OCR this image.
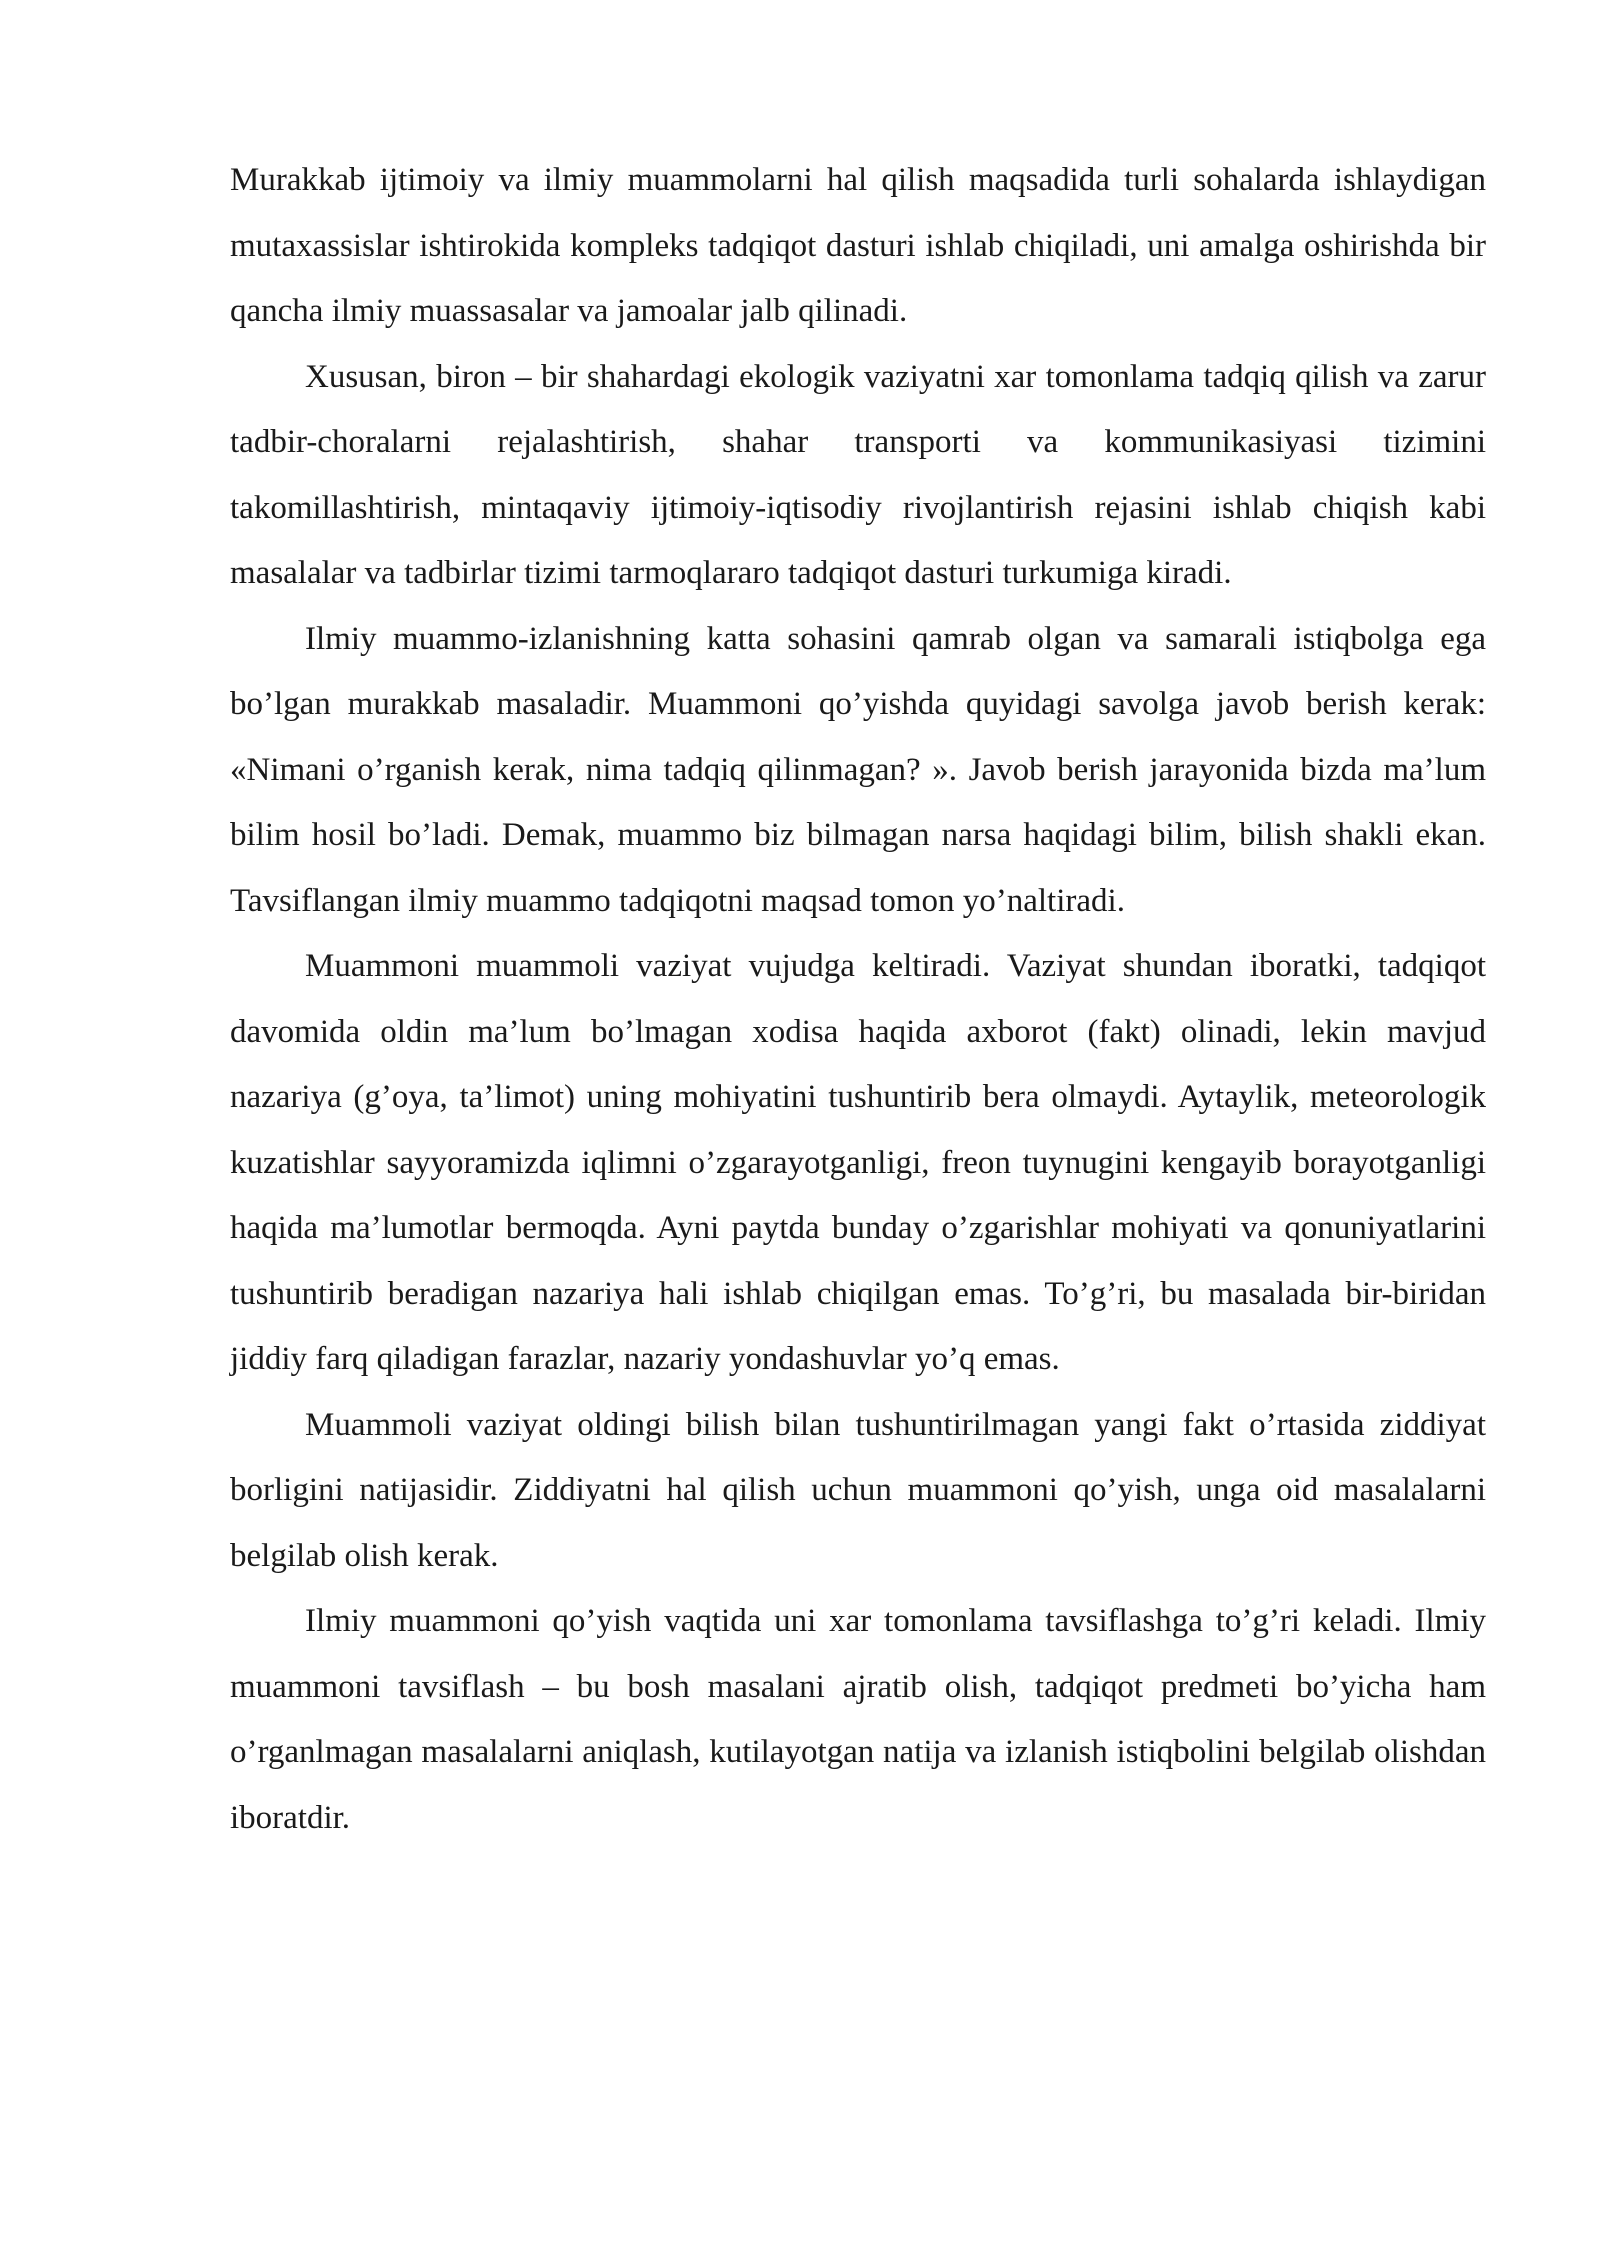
Murakkab ijtimoiy va ilmiy muammolarni hal qilish maqsadida turli sohalarda ishlaydigan mutaxassislar ishtirokida kompleks tadqiqot dasturi ishlab chiqiladi, uni amalga oshirishda bir qancha ilmiy muassasalar va jamoalar jalb qilinadi.

Xususan, biron – bir shahardagi ekologik vaziyatni xar tomonlama tadqiq qilish va zarur tadbir-choralarni rejalashtirish, shahar transporti va kommunikasiyasi tizimini takomillashtirish, mintaqaviy ijtimoiy-iqtisodiy rivojlantirish rejasini ishlab chiqish kabi masalalar va tadbirlar tizimi tarmoqlararo tadqiqot dasturi turkumiga kiradi.

Ilmiy muammo-izlanishning katta sohasini qamrab olgan va samarali istiqbolga ega bo’lgan murakkab masaladir. Muammoni qo’yishda quyidagi savolga javob berish kerak: «Nimani o’rganish kerak, nima tadqiq qilinmagan? ». Javob berish jarayonida bizda ma’lum bilim hosil bo’ladi. Demak, muammo biz bilmagan narsa haqidagi bilim, bilish shakli ekan. Tavsiflangan ilmiy muammo tadqiqotni maqsad tomon yo’naltiradi.

Muammoni muammoli vaziyat vujudga keltiradi. Vaziyat shundan iboratki, tadqiqot davomida oldin ma’lum bo’lmagan xodisa haqida axborot (fakt) olinadi, lekin mavjud nazariya (g’oya, ta’limot) uning mohiyatini tushuntirib bera olmaydi. Aytaylik, meteorologik kuzatishlar sayyoramizda iqlimni o’zgarayotganligi, freon tuynugini kengayib borayotganligi haqida ma’lumotlar bermoqda. Ayni paytda bunday o’zgarishlar mohiyati va qonuniyatlarini tushuntirib beradigan nazariya hali ishlab chiqilgan emas. To’g’ri, bu masalada bir-biridan jiddiy farq qiladigan farazlar, nazariy yondashuvlar yo’q emas.

Muammoli vaziyat oldingi bilish bilan tushuntirilmagan yangi fakt o’rtasida ziddiyat borligini natijasidir. Ziddiyatni hal qilish uchun muammoni qo’yish, unga oid masalalarni belgilab olish kerak.

Ilmiy muammoni qo’yish vaqtida uni xar tomonlama tavsiflashga to’g’ri keladi. Ilmiy muammoni tavsiflash – bu bosh masalani ajratib olish, tadqiqot predmeti bo’yicha ham o’rganlmagan masalalarni aniqlash, kutilayotgan natija va izlanish istiqbolini belgilab olishdan iboratdir.
